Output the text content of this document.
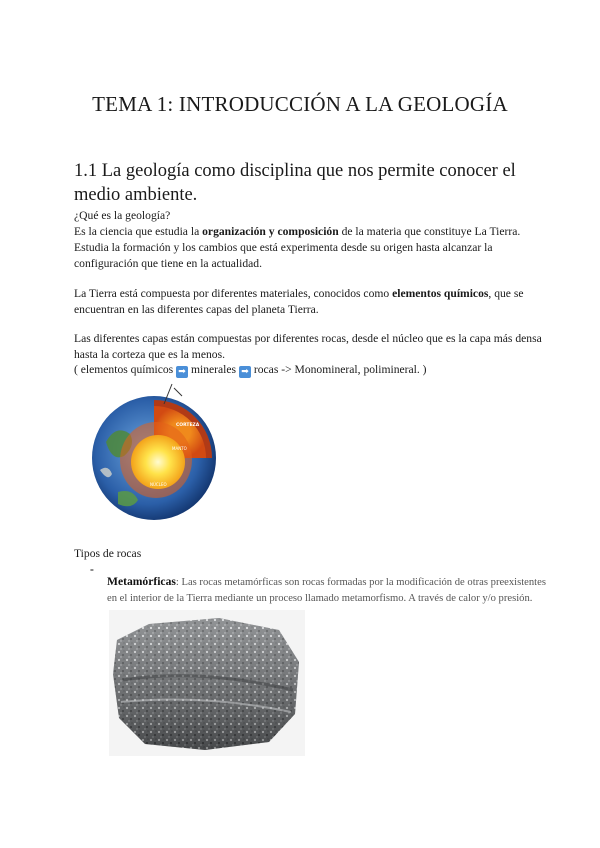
TEMA 1: INTRODUCCIÓN A LA GEOLOGÍA
1.1 La geología como disciplina que nos permite conocer el medio ambiente.

¿Qué es la geología?

Es la ciencia que estudia la organización y composición de la materia que constituye La Tierra. Estudia la formación y los cambios que está experimenta desde su origen hasta alcanzar la configuración que tiene en la actualidad.

La Tierra está compuesta por diferentes materiales, conocidos como elementos químicos, que se encuentran en las diferentes capas del planeta Tierra.

Las diferentes capas están compuestas por diferentes rocas, desde el núcleo que es la capa más densa hasta la corteza que es la menos.

( elementos químicos ➡ minerales ➡ rocas -> Monomineral, polimineral. )

CORTEZA
MANTO
NÚCLEO

Tipos de rocas

-

Metamórficas: Las rocas metamórficas son rocas formadas por la modificación de otras preexistentes en el interior de la Tierra mediante un proceso llamado metamorfismo. A través de calor y/o presión.
